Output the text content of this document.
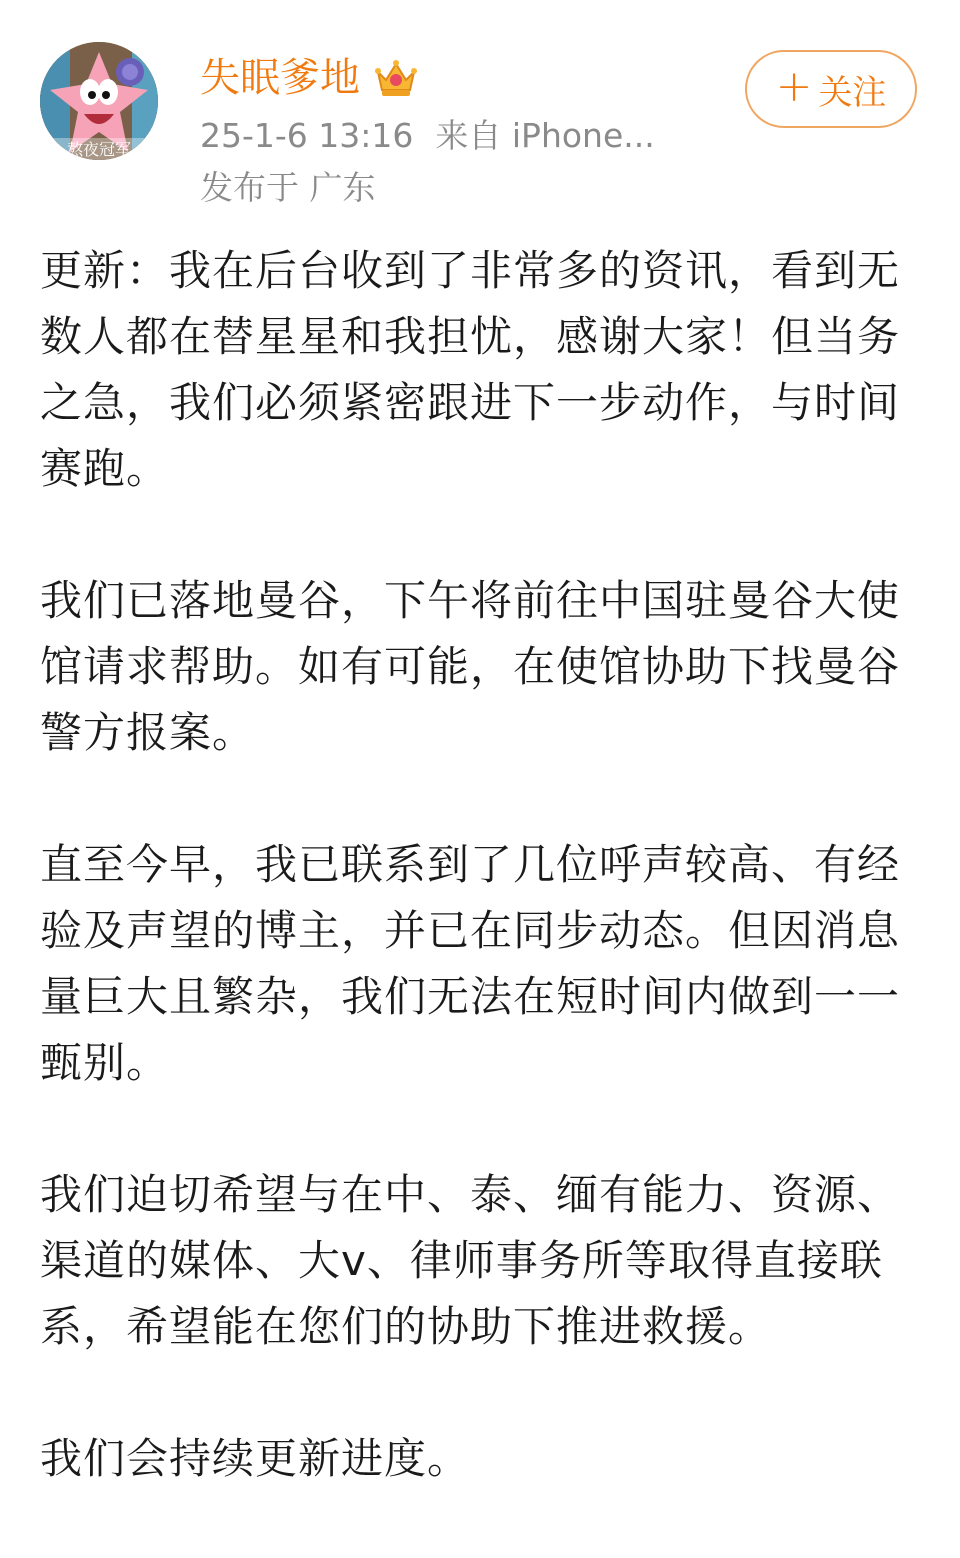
熬夜冠军
失眠爹地
25-1-6 13:16 来自 iPhone...
发布于 广东
+ 关注

更新：我在后台收到了非常多的资讯，看到无数人都在替星星和我担忧，感谢大家！但当务之急，我们必须紧密跟进下一步动作，与时间赛跑。

我们已落地曼谷，下午将前往中国驻曼谷大使馆请求帮助。如有可能，在使馆协助下找曼谷警方报案。

直至今早，我已联系到了几位呼声较高、有经验及声望的博主，并已在同步动态。但因消息量巨大且繁杂，我们无法在短时间内做到一一甄别。

我们迫切希望与在中、泰、缅有能力、资源、渠道的媒体、大v、律师事务所等取得直接联系，希望能在您们的协助下推进救援。

我们会持续更新进度。
